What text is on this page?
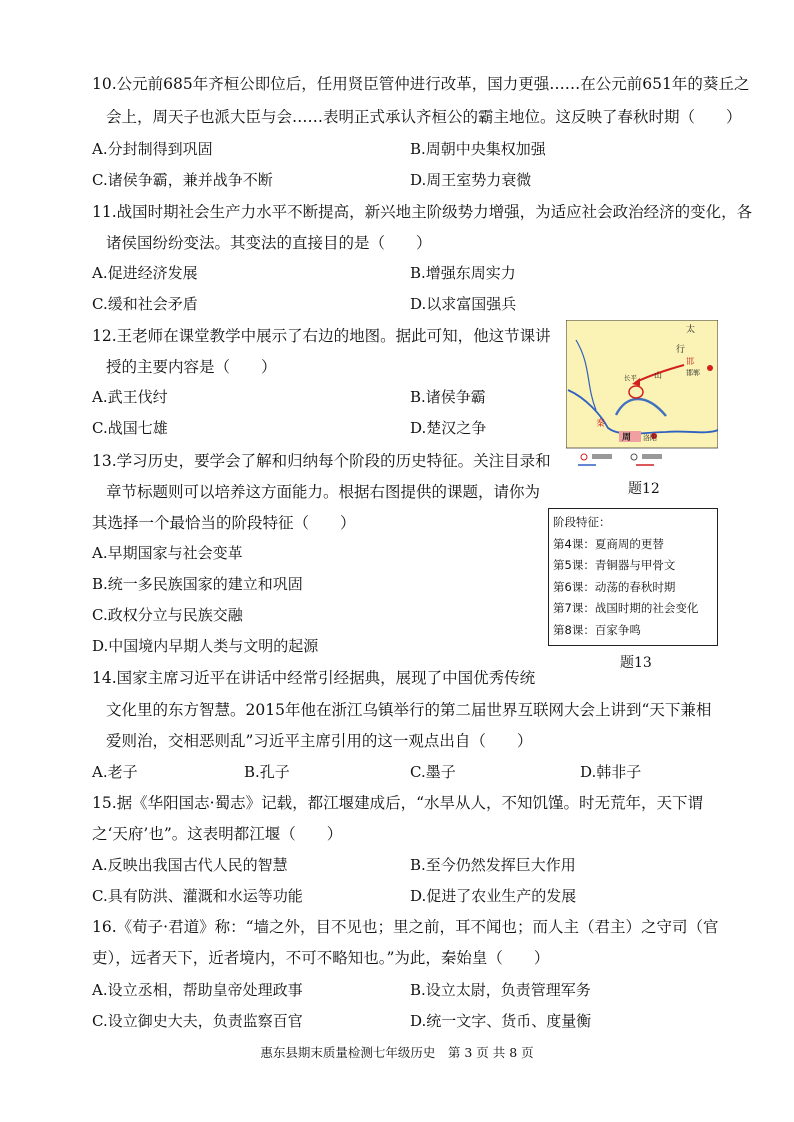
10.公元前685年齐桓公即位后，任用贤臣管仲进行改革，国力更强……在公元前651年的葵丘之
会上，周天子也派大臣与会……表明正式承认齐桓公的霸主地位。这反映了春秋时期（　　）
A.分封制得到巩固	B.周朝中央集权加强
C.诸侯争霸，兼并战争不断	D.周王室势力衰微
11.战国时期社会生产力水平不断提高，新兴地主阶级势力增强，为适应社会政治经济的变化，各
诸侯国纷纷变法。其变法的直接目的是（　　）
A.促进经济发展	B.增强东周实力
C.缓和社会矛盾	D.以求富国强兵
12.王老师在课堂教学中展示了右边的地图。据此可知，他这节课讲
授的主要内容是（　　）
A.武王伐纣	B.诸侯争霸
C.战国七雄	D.楚汉之争
太
行
山
邯
邯郸
长平
周 洛阳
秦
题12
13.学习历史，要学会了解和归纳每个阶段的历史特征。关注目录和
章节标题则可以培养这方面能力。根据右图提供的课题，请你为
其选择一个最恰当的阶段特征（　　）
A.早期国家与社会变革
B.统一多民族国家的建立和巩固
C.政权分立与民族交融
D.中国境内早期人类与文明的起源
阶段特征：
第4课：夏商周的更替
第5课：青铜器与甲骨文
第6课：动荡的春秋时期
第7课：战国时期的社会变化
第8课：百家争鸣
题13
14.国家主席习近平在讲话中经常引经据典，展现了中国优秀传统
文化里的东方智慧。2015年他在浙江乌镇举行的第二届世界互联网大会上讲到“天下兼相
爱则治，交相恶则乱”习近平主席引用的这一观点出自（　　）
A.老子	B.孔子	C.墨子	D.韩非子
15.据《华阳国志·蜀志》记载，都江堰建成后，“水旱从人，不知饥馑。时无荒年，天下谓
之‘天府’也”。这表明都江堰（　　）
A.反映出我国古代人民的智慧	B.至今仍然发挥巨大作用
C.具有防洪、灌溉和水运等功能	D.促进了农业生产的发展
16.《荀子·君道》称：“墙之外，目不见也；里之前，耳不闻也；而人主（君主）之守司（官
吏），远者天下，近者境内，不可不略知也。”为此，秦始皇（　　）
A.设立丞相，帮助皇帝处理政事	B.设立太尉，负责管理军务
C.设立御史大夫，负责监察百官	D.统一文字、货币、度量衡
惠东县期末质量检测七年级历史　第 3 页 共 8 页
